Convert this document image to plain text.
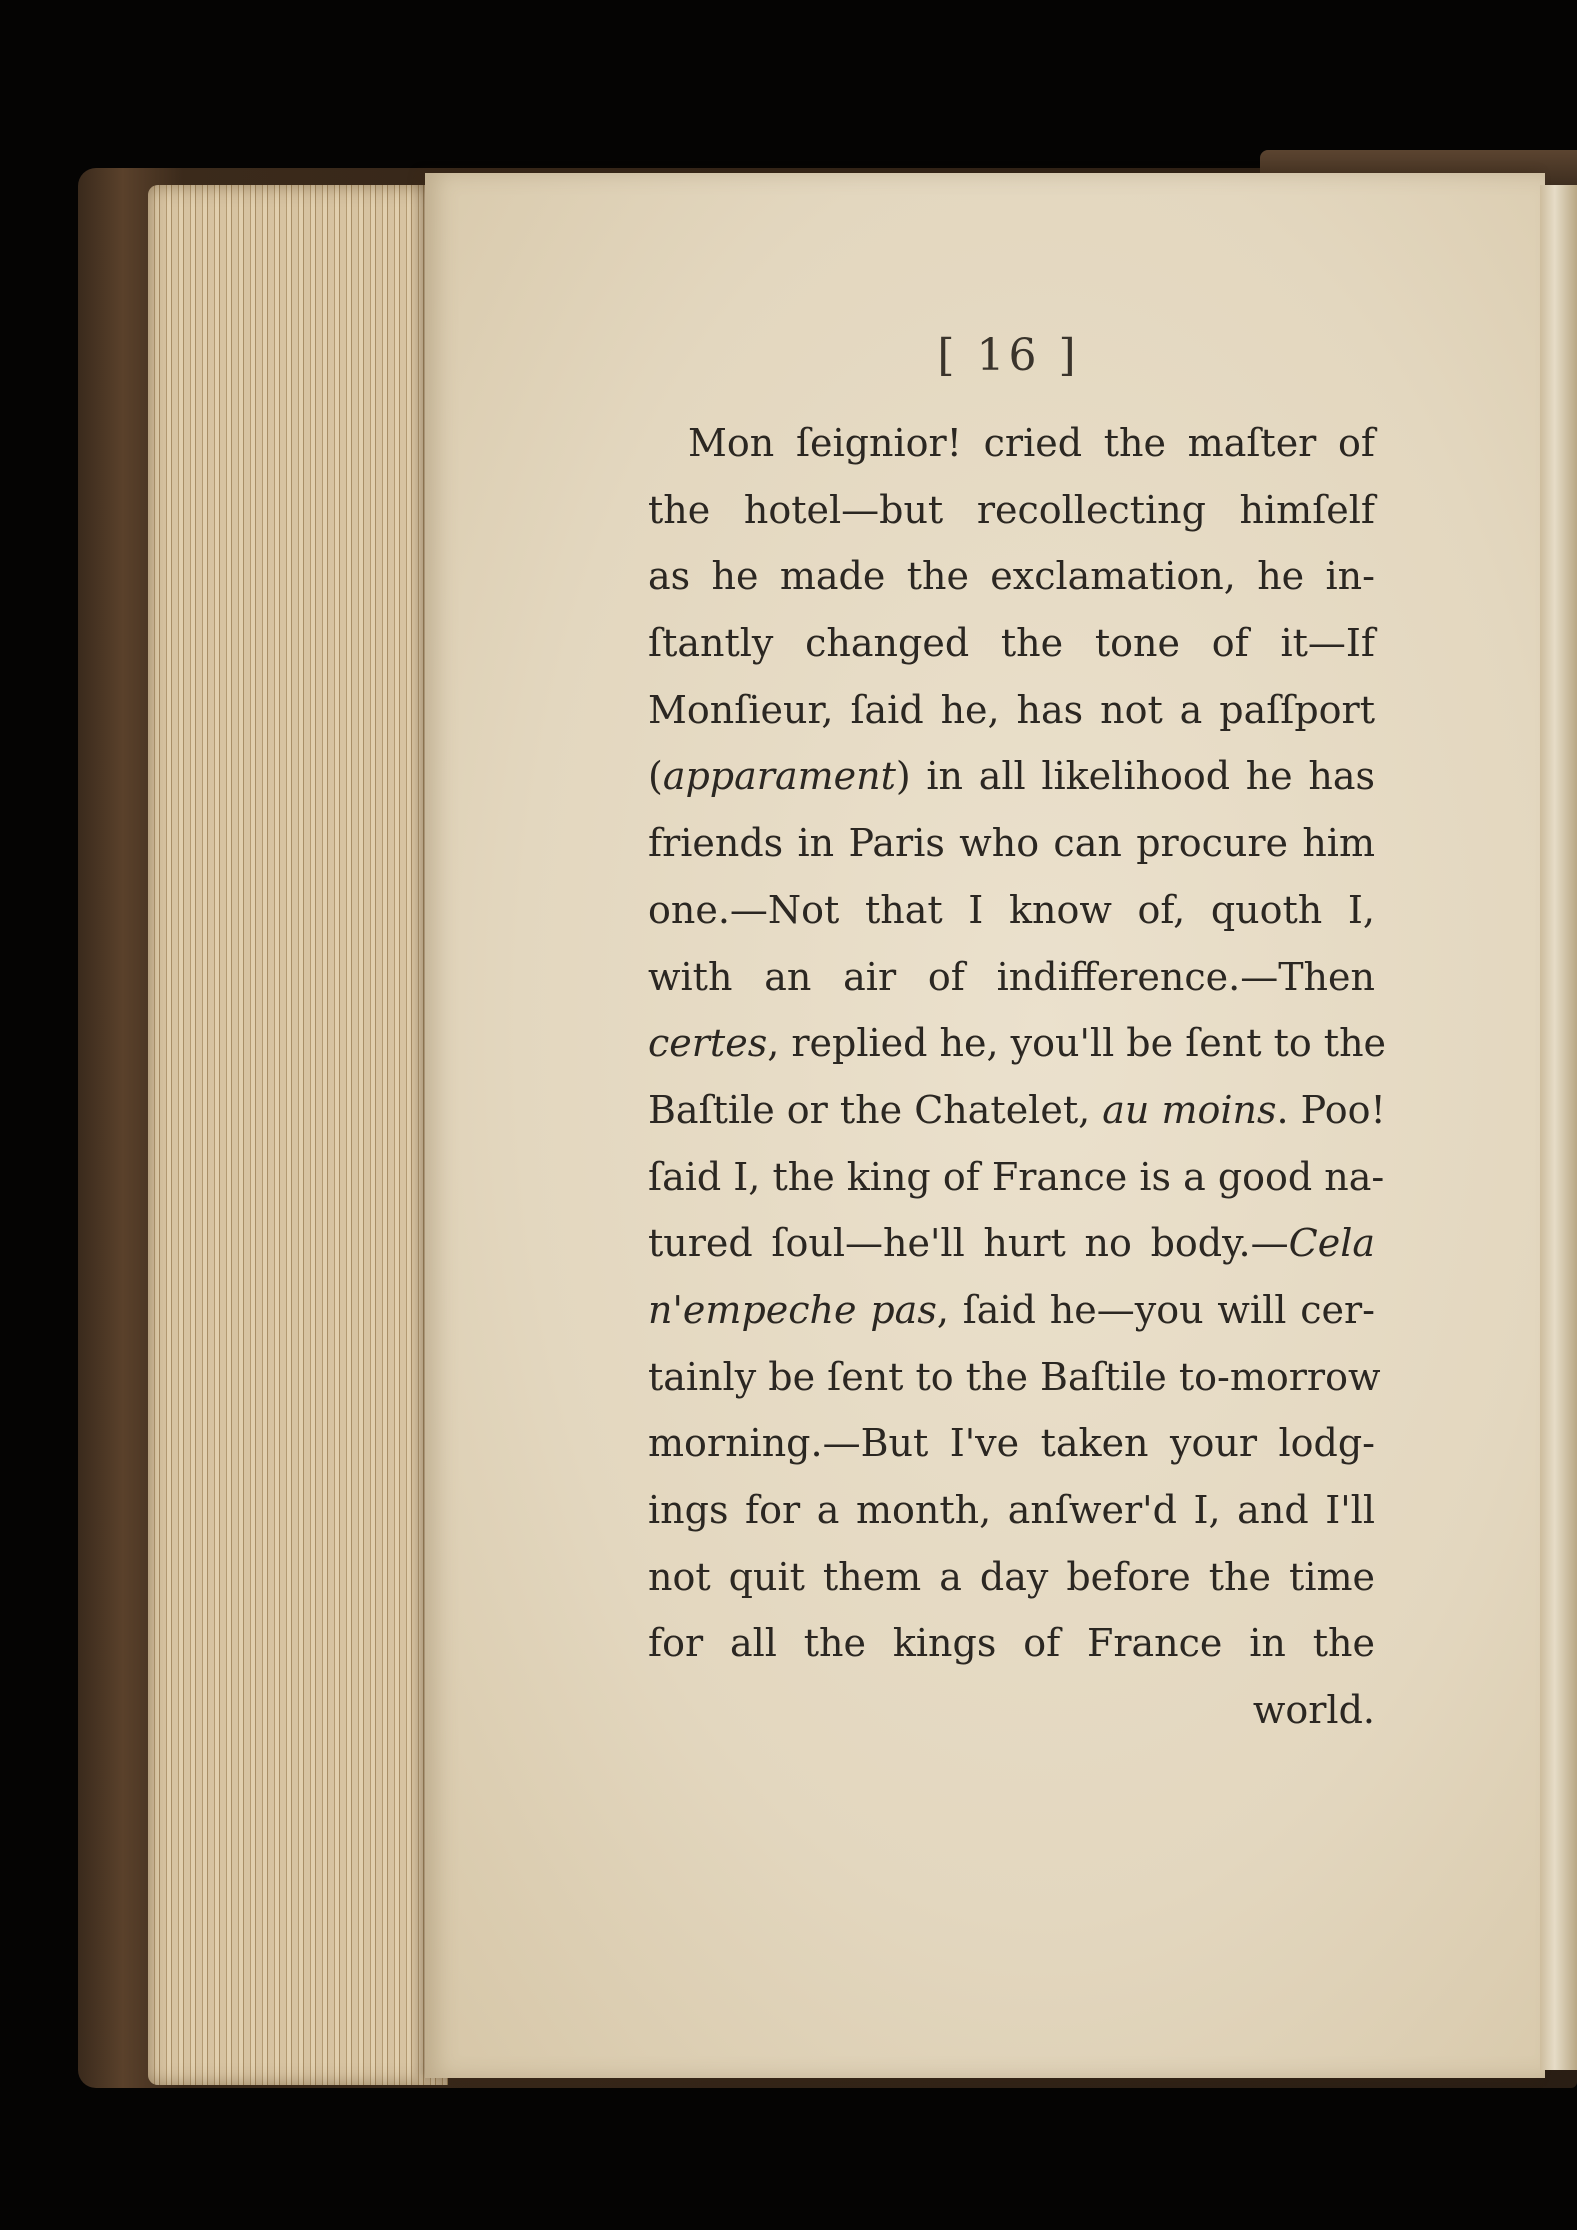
[ 16 ]
Mon ſeignior! cried the maſter of
the hotel—but recollecting himſelf
as he made the exclamation, he in-
ſtantly changed the tone of it—If
Monſieur, ſaid he, has not a paſſport
(apparament) in all likelihood he has
friends in Paris who can procure him
one.—Not that I know of, quoth I,
with an air of indifference.—Then
certes, replied he, you'll be ſent to the
Baſtile or the Chatelet, au moins. Poo!
ſaid I, the king of France is a good na-
tured ſoul—he'll hurt no body.—Cela
n'empeche pas, ſaid he—you will cer-
tainly be ſent to the Baſtile to-morrow
morning.—But I've taken your lodg-
ings for a month, anſwer'd I, and I'll
not quit them a day before the time
for all the kings of France in the
world.
